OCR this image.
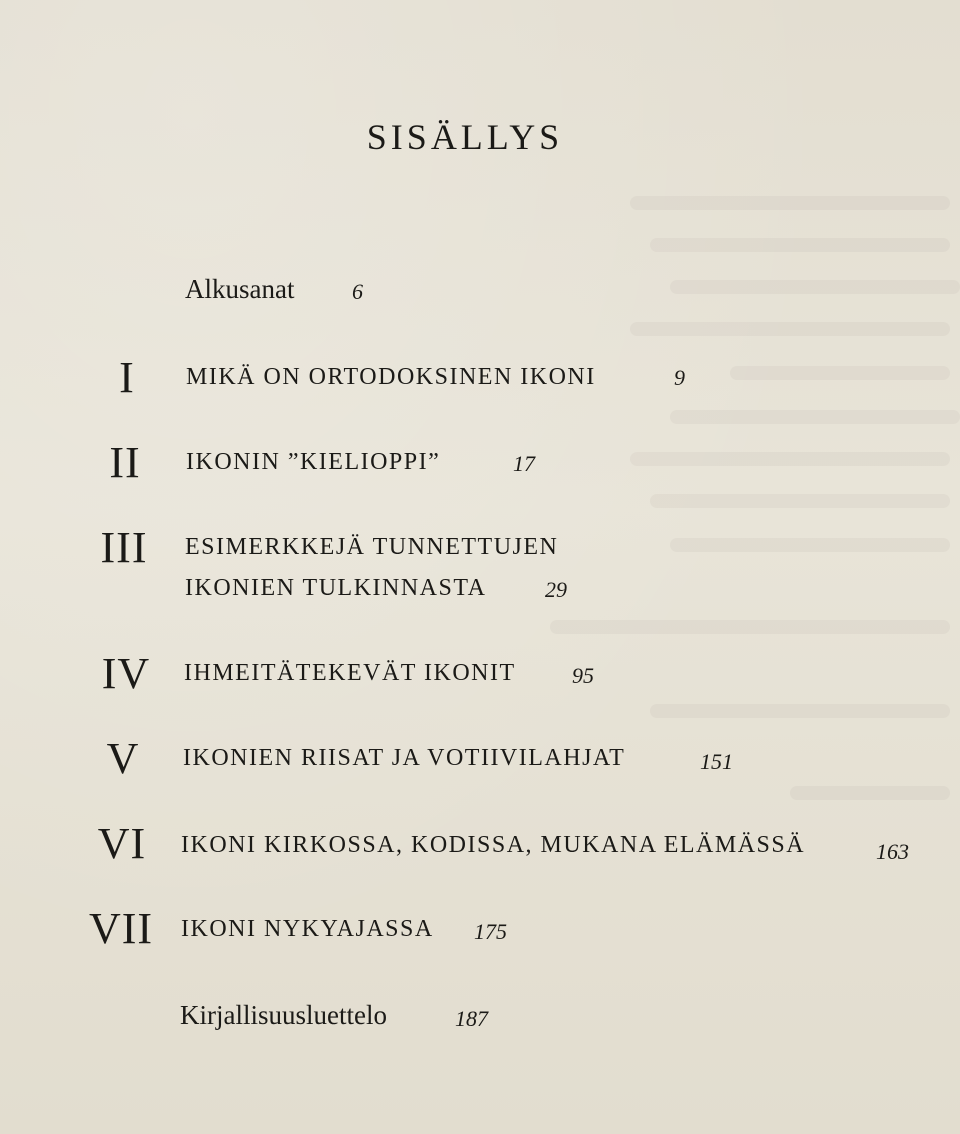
SISÄLLYS
Alkusanat	6
I	MIKÄ ON ORTODOKSINEN IKONI	9
II	IKONIN ”KIELIOPPI”	17
III	ESIMERKKEJÄ TUNNETTUJEN
IKONIEN TULKINNASTA	29
IV	IHMEITÄTEKEVÄT IKONIT	95
V	IKONIEN RIISAT JA VOTIIVILAHJAT	151
VI	IKONI KIRKOSSA, KODISSA, MUKANA ELÄMÄSSÄ	163
VII	IKONI NYKYAJASSA 175
Kirjallisuusluettelo	187
